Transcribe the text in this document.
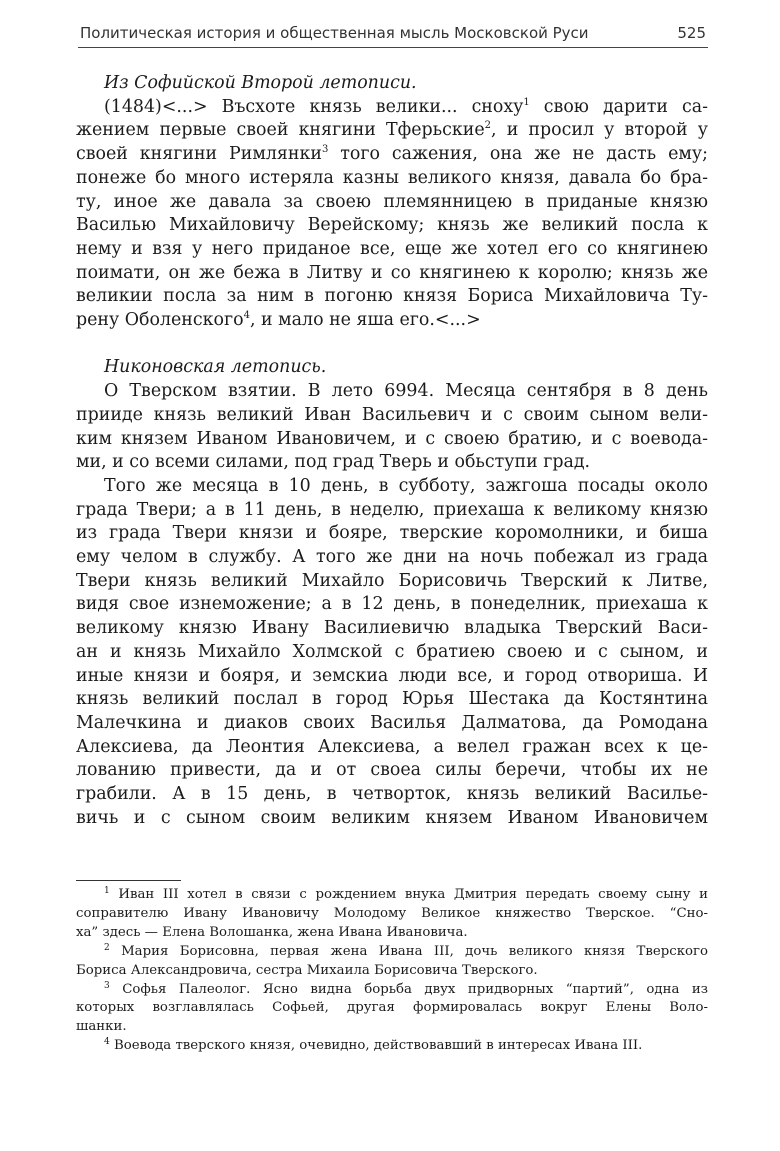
Политическая история и общественная мысль Московской Руси	525

Из Софийской Второй летописи.

(1484)<...> Въсхоте князь велики... сноху$^1$ свою дарити са-

жением первые своей княгини Тферьские$^2$, и просил у второй у

своей княгини Римлянки$^3$ того сажения, она же не дасть ему;

понеже бо много истеряла казны великого князя, давала бо бра-

ту, иное же давала за своею племянницею в приданые князю

Василью Михайловичу Верейскому; князь же великий посла к

нему и взя у него приданое все, еще же хотел его со княгинею

поимати, он же бежа в Литву и со княгинею к королю; князь же

великии посла за ним в погоню князя Бориса Михайловича Ту-

рену Оболенского$^4$, и мало не яша его.<...>

Никоновская летопись.

О Тверском взятии. В лето 6994. Месяца сентября в 8 день

прииде князь великий Иван Васильевич и с своим сыном вели-

ким князем Иваном Ивановичем, и с своею братию, и с воевода-

ми, и со всеми силами, под град Тверь и обьступи град.

Того же месяца в 10 день, в субботу, зажгоша посады около

града Твери; а в 11 день, в неделю, приехаша к великому князю

из града Твери князи и бояре, тверские коромолники, и биша

ему челом в службу. А того же дни на ночь побежал из града

Твери князь великий Михайло Борисовичь Тверский к Литве,

видя свое изнеможение; а в 12 день, в понеделник, приехаша к

великому князю Ивану Василиевичю владыка Тверский Васи-

ан и князь Михайло Холмской с братиею своею и с сыном, и

иные князи и бояря, и земскиа люди все, и город отвориша. И

князь великий послал в город Юрья Шестака да Костянтина

Малечкина и диаков своих Василья Далматова, да Ромодана

Алексиева, да Леонтия Алексиева, а велел гражан всех к це-

лованию привести, да и от своеа силы беречи, чтобы их не

грабили. А в 15 день, в четворток, князь великий Василье-

вичь и с сыном своим великим князем Иваном Ивановичем

$^1$ Иван III хотел в связи с рождением внука Дмитрия передать своему сыну и

соправителю Ивану Ивановичу Молодому Великое княжество Тверское. “Сно-

ха” здесь — Елена Волошанка, жена Ивана Ивановича.

$^2$ Мария Борисовна, первая жена Ивана III, дочь великого князя Тверского

Бориса Александровича, сестра Михаила Борисовича Тверского.

$^3$ Софья Палеолог. Ясно видна борьба двух придворных “партий”, одна из

которых возглавлялась Софьей, другая формировалась вокруг Елены Воло-

шанки.

$^4$ Воевода тверского князя, очевидно, действовавший в интересах Ивана III.
